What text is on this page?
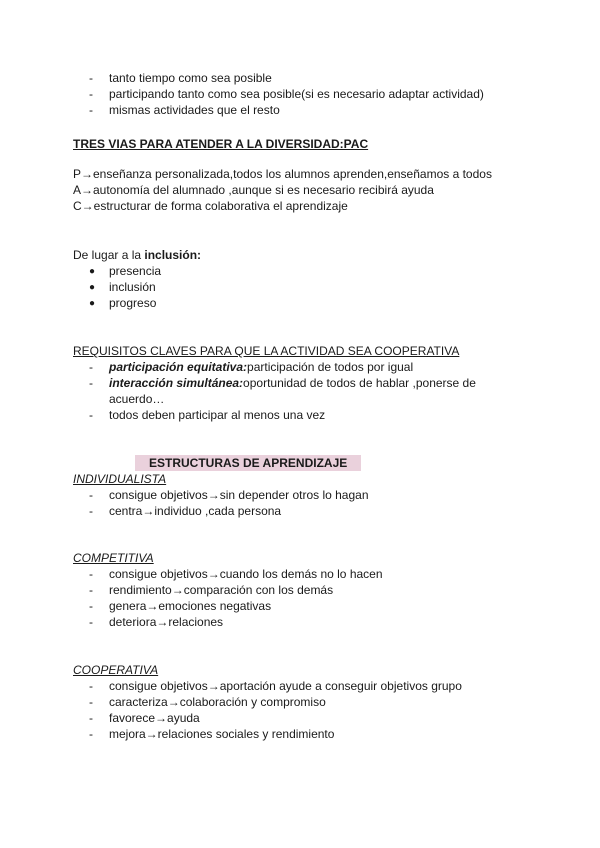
- tanto tiempo como sea posible
- participando tanto como sea posible(si es necesario adaptar actividad)
- mismas actividades que el resto
TRES VIAS PARA ATENDER A LA DIVERSIDAD:PAC
P→enseñanza personalizada,todos los alumnos aprenden,enseñamos a todos
A→autonomía del alumnado ,aunque si es necesario recibirá ayuda
C→estructurar de forma colaborativa el aprendizaje
De lugar a la inclusión:
● presencia
● inclusión
● progreso
REQUISITOS CLAVES PARA QUE LA ACTIVIDAD SEA COOPERATIVA
- participación equitativa:participación de todos por igual
- interacción simultánea:oportunidad de todos de hablar ,ponerse de
acuerdo…
- todos deben participar al menos una vez
ESTRUCTURAS DE APRENDIZAJE
INDIVIDUALISTA
- consigue objetivos→sin depender otros lo hagan
- centra→individuo ,cada persona
COMPETITIVA
- consigue objetivos→cuando los demás no lo hacen
- rendimiento→comparación con los demás
- genera→emociones negativas
- deteriora→relaciones
COOPERATIVA
- consigue objetivos→aportación ayude a conseguir objetivos grupo
- caracteriza→colaboración y compromiso
- favorece→ayuda
- mejora→relaciones sociales y rendimiento
